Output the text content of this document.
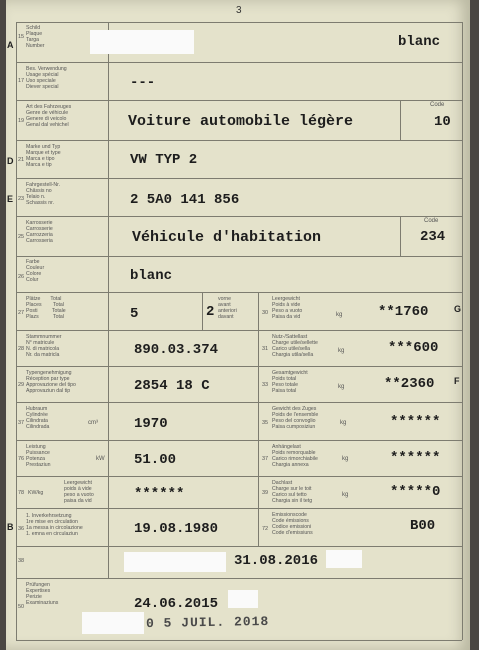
3
A
D
E
G
F
B
15
Schild
Plaque
Targa
Number	blanc
17
Bes. Verwendung
Usage spécial
Uso speciale
Diever special	---
19
Art des Fahrzeuges
Genre de véhicule
Genere di veicolo
Genal dal vehichel	Voiture automobile légère
Code
10
21
Marke und Typ
Marque et type
Marca e tipo
Marca e tip	VW TYP 2
23
Fahrgestell-Nr.
Châssis no
Telaio n.
Schassis nr.	2 5A0 141 856
25
Karrosserie
Carrosserie
Carrozzeria
Carrosseria	Véhicule d'habitation
Code
234
26
Farbe
Couleur
Colore
Colur	blanc
27
Plätze       Total
Places        Total
Posti          Totale
Plazs          Total	5	2
vorne
avant
anteriori
davant
30
Leergewicht
Poids à vide
Peso a vuoto
Paisa da vid	kg	**1760
28
Stammnummer
N° matricule
N. di matricola
Nr. da matricla	890.03.374	31
Nutz-/Sattellast
Charge utile/sellette
Carico utile/sella
Chargia utila/sella
kg	***600
29
Typengenehmigung
Réception par type
Approvazione del tipo
Approvaziun dal tip	2854 18 C	33
Gesamtgewicht
Poids total
Peso totale
Paisa total
kg	**2360
37
Hubraum
Cylindrée
Cilindrata
Cilindrada
cm³	1970	35
Gewicht des Zuges
Poids de l'ensemble
Peso del convoglio
Paisa cumposiziun
kg	******
76
Leistung
Puissance
Potenza
Prestaziun
kW 51.00	37
Anhängelast
Poids remorquable
Carico rimorchiabile
Chargia annexa
kg	******
78 KW/kg
Leergewicht
poids à vide
peso a vuoto
paisa da vid	******	39
Dachlast
Charge sur le toit
Carico sul tetto
Chargia sin il tetg
kg	*****0
36
1. Inverkehrsetzung
1re mise en circulation
1a messa in circolazione
1. emna en circulaziun	19.08.1980	72
Emissionscode
Code émissions
Codice emissioni
Code d'emissiuns	B00
38	31.08.2016
50
Prüfungen
Expertises
Perizie
Examinaziuns	24.06.2015
0 5 JUIL. 2018
